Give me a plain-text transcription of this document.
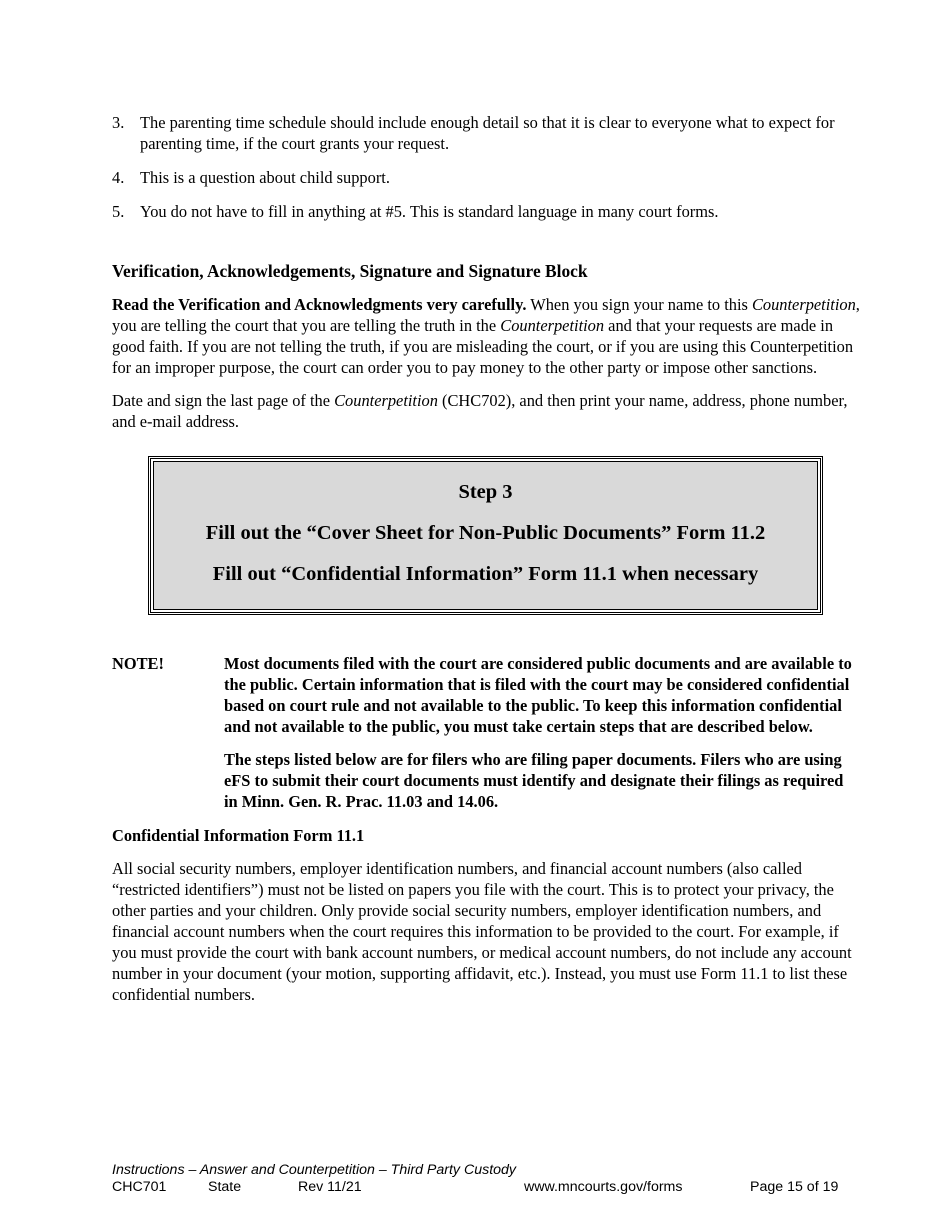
3. The parenting time schedule should include enough detail so that it is clear to everyone what to expect for parenting time, if the court grants your request.
4. This is a question about child support.
5. You do not have to fill in anything at #5. This is standard language in many court forms.
Verification, Acknowledgements, Signature and Signature Block

Read the Verification and Acknowledgments very carefully. When you sign your name to this Counterpetition, you are telling the court that you are telling the truth in the Counterpetition and that your requests are made in good faith. If you are not telling the truth, if you are misleading the court, or if you are using this Counterpetition for an improper purpose, the court can order you to pay money to the other party or impose other sanctions.

Date and sign the last page of the Counterpetition (CHC702), and then print your name, address, phone number, and e-mail address.

Step 3
Fill out the “Cover Sheet for Non-Public Documents” Form 11.2
Fill out “Confidential Information” Form 11.1 when necessary
NOTE!	Most documents filed with the court are considered public documents and are available to the public. Certain information that is filed with the court may be considered confidential based on court rule and not available to the public. To keep this information confidential and not available to the public, you must take certain steps that are described below.

The steps listed below are for filers who are filing paper documents. Filers who are using eFS to submit their court documents must identify and designate their filings as required in Minn. Gen. R. Prac. 11.03 and 14.06.

Confidential Information Form 11.1

All social security numbers, employer identification numbers, and financial account numbers (also called “restricted identifiers”) must not be listed on papers you file with the court. This is to protect your privacy, the other parties and your children. Only provide social security numbers, employer identification numbers, and financial account numbers when the court requires this information to be provided to the court. For example, if you must provide the court with bank account numbers, or medical account numbers, do not include any account number in your document (your motion, supporting affidavit, etc.). Instead, you must use Form 11.1 to list these confidential numbers.

Instructions – Answer and Counterpetition – Third Party Custody
CHC701	State	Rev 11/21	www.mncourts.gov/forms	Page 15 of 19
